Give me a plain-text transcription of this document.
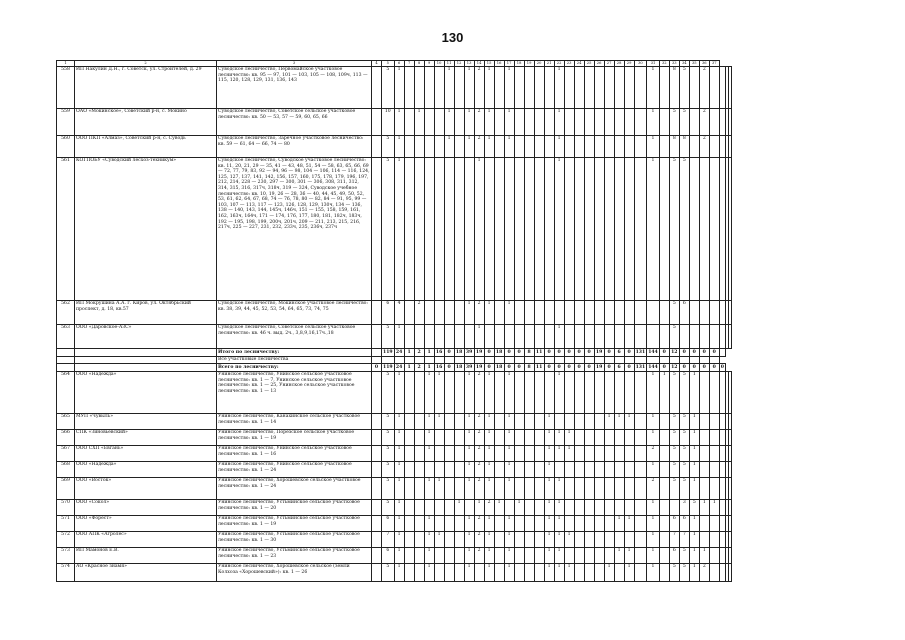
130
1	2	3	4	5	6	7	8	9	10	11	12	13	14	15	16	17	18	19	20	21	22	23	24	25	26	27	28	29	30	31	32	33	34	35	36	37			
558	ИП Накулин Д.Н., г. Советск, ул. Строителей, д. 29	Суводское лесничество, Первомайское участковое лесничество: кв. 95 — 97, 101 — 103, 105 — 108, 109ч, 113 — 115, 120, 128, 129, 131, 136, 143		5	1					1		1	2	1		1					1									1		8	5		2				
559	ОАО «Мокинское», Советский р-н, с. Мокино	Суводское лесничество, Советское сельское участковое лесничество: кв. 50 — 53, 57 — 59, 60, 65, 66		10	1		1			1		1	2	1		1					1									1		5	5		2				
560	ООО ПКП «Алмаз», Советский р-н, с. Суводь	Суводское лесничество, Заречное участковое лесничество: кв. 59 — 61, 64 — 66, 74 — 80		5	1					1		1	2	1		1					1									1		8	8		2				
561	КОГПОБУ «Суводский лесхоз-техникум»	Суводское лесничество, Суводское участковое лесничество: кв. 11, 20, 21, 29 — 35, 41 — 43, 48, 51, 54 — 58, 63, 65, 66, 69 — 72, 77, 79, 83, 92 — 94, 96 — 98, 104 — 106, 114 — 116, 124, 125, 127, 137, 141, 142, 156, 157, 160, 175, 178, 179, 196, 197, 212, 214, 228 — 230, 297 — 300, 301 — 306, 308, 311, 312, 314, 315, 316, 317ч, 318ч, 319 — 324, Суводское учебное лесничество: кв. 10, 19, 26 — 28, 36 — 40, 44, 45, 49, 50, 52, 53, 61, 62, 64, 67, 68, 74 — 76, 78, 80 — 82, 84 — 91, 95, 99 — 103, 107 — 113, 117 — 123, 126, 128, 129, 130ч, 134 — 136, 138 — 140, 143, 144, 145ч, 146ч, 151 — 155, 158, 159, 161, 162, 163ч, 164ч, 171 — 174, 176, 177, 180, 181, 182ч, 183ч, 192 — 195, 198, 199, 200ч, 201ч, 209 — 211, 213, 215, 216, 217ч, 225 — 227, 231, 232, 233ч, 235, 236ч, 237ч		5	1								1								1									1		5	5						
562	ИП Мокрушина А.А. г. Киров, ул. Октябрьский проспект, д. 18, кв.57	Суводское лесничество, Мокинское участковое лесничество: кв. 38, 39, 44, 45, 52, 53, 54, 64, 65, 73, 74, 75		6	4		2					1	2	1		1																5	6						
563	ООО «Даровское-АЗС»	Суводское лесничество, Советское сельское участковое лесничество: кв. 46 ч. выд. 2ч., 3,8,9,16,17ч.,18		5	1								1								1											5							
		Итого по лесничеству:		119	24	1	2	1	16	0	18	39	19	0	18	0	0	8	11	0	0	0	0	0	19	0	6	0	131	144	0	12	0	0	0	0			
		Все участковые лесничества																																					
		Всего по лесничеству:	0	119	24	1	2	1	16	0	18	39	19	0	18	0	0	8	11	0	0	0	0	0	19	0	6	0	131	144	0	12	0	0	0	0	0		
564	ООО «Надежда»	Унинское лесничество, Унинское сельское участковое лесничество: кв. 1 — 7, Унинское сельское участковое лесничество: кв. 1 — 25, Унинское сельское участковое лесничество: кв. 1 — 13		5	1			1	1			1	2	1		1					1									1	1	5	5	1					
565	МУП «Чувыль»	Унинское лесничество, Канахинское сельское участковое лесничество: кв. 1 — 14		5	1			1	1			1	2	1		1				1						1	1	1		1		5	5	1					
566	СПК «Зиновьевский»	Унинское лесничество, Порезское сельское участковое лесничество: кв. 1 — 19		5	1			1				1	2	1		1				1	1	1								1		5	5	1					
567	ООО СХП «Евгань»	Унинское лесничество, Унинское сельское участковое лесничество: кв. 1 — 16		5	1			1				1	2	1		1				1	1	1								2		5	5	1					
568	ООО «Надежда»	Унинское лесничество, Унинское сельское участковое лесничество: кв. 1 — 24		5	1							1	2	1		1				1										1		5	5	1					
569	ООО «Восток»	Унинское лесничество, Хорошевское сельское участковое лесничество: кв. 1 — 24		5	1			1	1			1	2	1		1				1	1									2		5	5	1					
570	ООО «Сокол»	Унинское лесничество, Устьминское сельское участковое лесничество: кв. 1 — 20		5	1						1		1	2	1		1			1	1									1			3	5	1	1			
571	ООО «Форест»	Унинское лесничество, Устьминское сельское участковое лесничество: кв. 1 — 19		6	1			1				1	2	1		1				1	1						1	1		1		6	6	1					
572	ООО АПК «Агролес»	Унинское лесничество, Устьминское сельское участковое лесничество: кв. 1 — 30		7	1			1	1			1	2	1		1				1	1	1								1		7	7	1					
573	ИП Мамонов Е.В.	Унинское лесничество, Устьминское сельское участковое лесничество: кв. 1 — 23		6	1			1				1	2	1		1				1	1						1	1		1		6	5	1	1				
574	АО «Красное знамя»	Унинское лесничество, Хорошевское сельское (земли Колхоза «Хорошевский»): кв. 1 — 26		5	1			1				1		1		1				1	1	1				1		1		1		5	5	1	2				
